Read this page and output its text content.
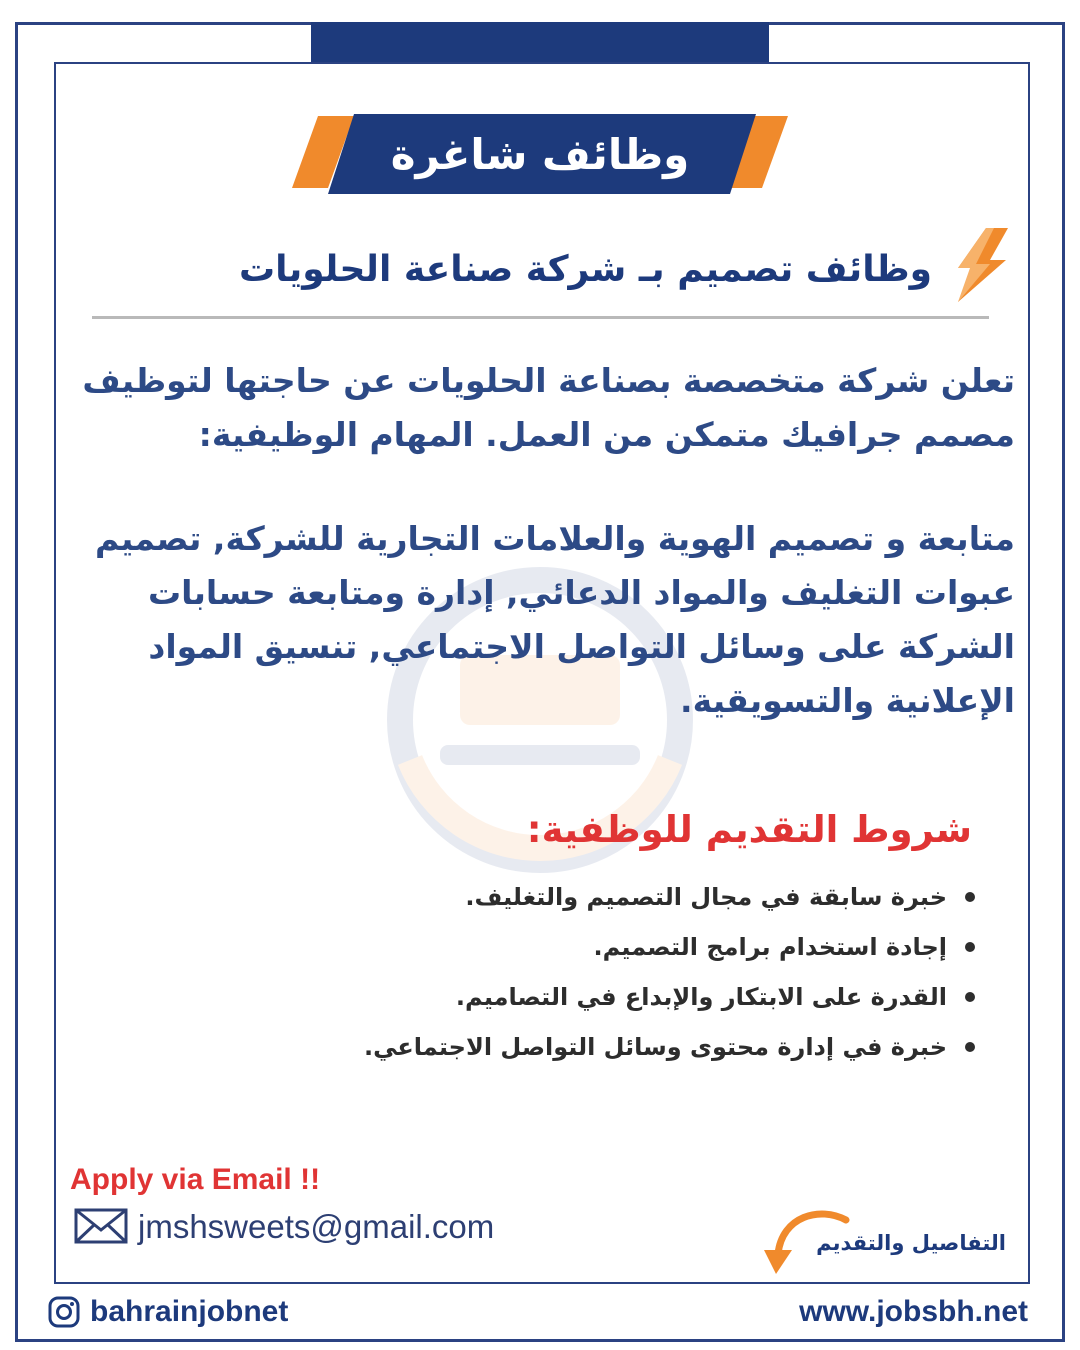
وظائف شاغرة
وظائف تصميم بـ شركة صناعة الحلويات

تعلن شركة متخصصة بصناعة الحلويات عن حاجتها لتوظيف مصمم جرافيك متمكن من العمل. المهام الوظيفية:

متابعة و تصميم الهوية والعلامات التجارية للشركة, تصميم عبوات التغليف والمواد الدعائي, إدارة ومتابعة حسابات الشركة على وسائل التواصل الاجتماعي, تنسيق المواد الإعلانية والتسويقية.

شروط التقديم للوظفية:
خبرة سابقة في مجال التصميم والتغليف.
إجادة استخدام برامج التصميم.
القدرة على الابتكار والإبداع في التصاميم.
خبرة في إدارة محتوى وسائل التواصل الاجتماعي.
Apply via Email !!
jmshsweets@gmail.com	التفاصيل والتقديم
bahrainjobnet	www.jobsbh.net
